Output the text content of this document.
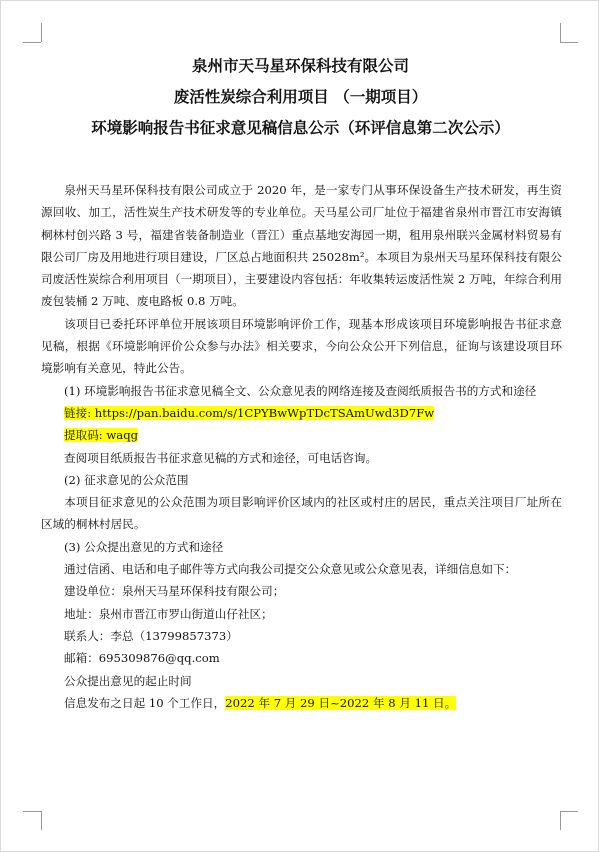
泉州市天马星环保科技有限公司

废活性炭综合利用项目 （一期项目）

环境影响报告书征求意见稿信息公示（环评信息第二次公示）

泉州天马星环保科技有限公司成立于 2020 年，是一家专门从事环保设备生产技术研发，再生资源回收、加工，活性炭生产技术研发等的专业单位。天马星公司厂址位于福建省泉州市晋江市安海镇桐林村创兴路 3 号，福建省装备制造业（晋江）重点基地安海园一期，租用泉州联兴金属材料贸易有限公司厂房及用地进行项目建设，厂区总占地面积共 25028m²。本项目为泉州天马星环保科技有限公司废活性炭综合利用项目（一期项目），主要建设内容包括：年收集转运废活性炭 2 万吨，年综合利用废包装桶 2 万吨、废电路板 0.8 万吨。

该项目已委托环评单位开展该项目环境影响评价工作，现基本形成该项目环境影响报告书征求意见稿，根据《环境影响评价公众参与办法》相关要求，今向公众公开下列信息，征询与该建设项目环境影响有关意见，特此公告。

(1) 环境影响报告书征求意见稿全文、公众意见表的网络连接及查阅纸质报告书的方式和途径

链接: https://pan.baidu.com/s/1CPYBwWpTDcTSAmUwd3D7Fw

提取码: waqg

查阅项目纸质报告书征求意见稿的方式和途径，可电话咨询。

(2) 征求意见的公众范围

本项目征求意见的公众范围为项目影响评价区域内的社区或村庄的居民，重点关注项目厂址所在区域的桐林村居民。

(3) 公众提出意见的方式和途径

通过信函、电话和电子邮件等方式向我公司提交公众意见或公众意见表，详细信息如下：

建设单位：泉州天马星环保科技有限公司；

地址：泉州市晋江市罗山街道山仔社区；

联系人：李总（13799857373）

邮箱：695309876@qq.com

公众提出意见的起止时间

信息发布之日起 10 个工作日，2022 年 7 月 29 日~2022 年 8 月 11 日。
